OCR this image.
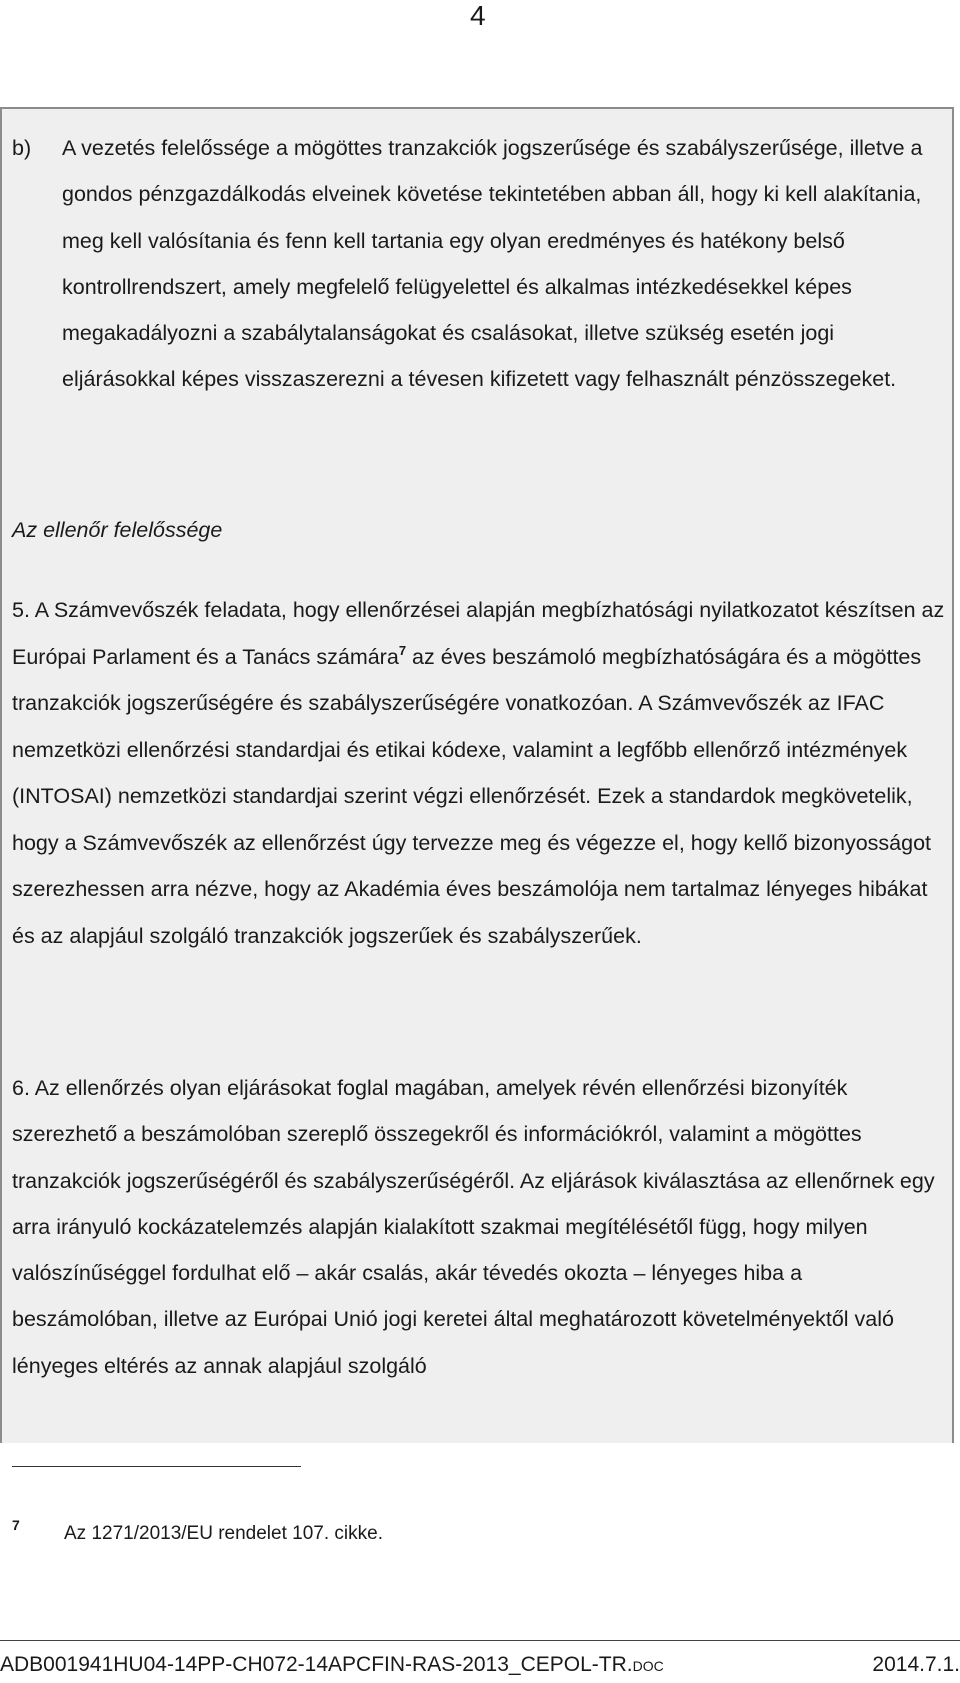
4
b) A vezetés felelőssége a mögöttes tranzakciók jogszerűsége és szabályszerűsége, illetve a gondos pénzgazdálkodás elveinek követése tekintetében abban áll, hogy ki kell alakítania, meg kell valósítania és fenn kell tartania egy olyan eredményes és hatékony belső kontrollrendszert, amely megfelelő felügyelettel és alkalmas intézkedésekkel képes megakadályozni a szabálytalanságokat és csalásokat, illetve szükség esetén jogi eljárásokkal képes visszaszerezni a tévesen kifizetett vagy felhasznált pénzösszegeket.
Az ellenőr felelőssége
5. A Számvevőszék feladata, hogy ellenőrzései alapján megbízhatósági nyilatkozatot készítsen az Európai Parlament és a Tanács számára$^7$ az éves beszámoló megbízhatóságára és a mögöttes tranzakciók jogszerűségére és szabályszerűségére vonatkozóan. A Számvevőszék az IFAC nemzetközi ellenőrzési standardjai és etikai kódexe, valamint a legfőbb ellenőrző intézmények (INTOSAI) nemzetközi standardjai szerint végzi ellenőrzését. Ezek a standardok megkövetelik, hogy a Számvevőszék az ellenőrzést úgy tervezze meg és végezze el, hogy kellő bizonyosságot szerezhessen arra nézve, hogy az Akadémia éves beszámolója nem tartalmaz lényeges hibákat és az alapjául szolgáló tranzakciók jogszerűek és szabályszerűek.
6. Az ellenőrzés olyan eljárásokat foglal magában, amelyek révén ellenőrzési bizonyíték szerezhető a beszámolóban szereplő összegekről és információkról, valamint a mögöttes tranzakciók jogszerűségéről és szabályszerűségéről. Az eljárások kiválasztása az ellenőrnek egy arra irányuló kockázatelemzés alapján kialakított szakmai megítélésétől függ, hogy milyen valószínűséggel fordulhat elő – akár csalás, akár tévedés okozta – lényeges hiba a beszámolóban, illetve az Európai Unió jogi keretei által meghatározott követelményektől való lényeges eltérés az annak alapjául szolgáló
7 Az 1271/2013/EU rendelet 107. cikke.
ADB001941HU04-14PP-CH072-14APCFIN-RAS-2013_CEPOL-TR.DOC	2014.7.1.
